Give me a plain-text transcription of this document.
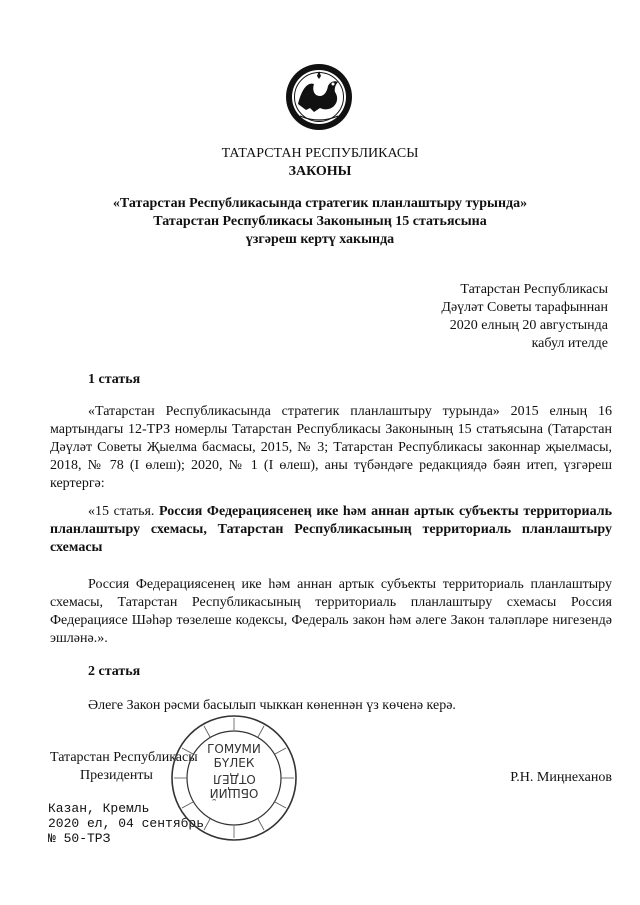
ТАТАРСТАН РЕСПУБЛИКАСЫ
ЗАКОНЫ
«Татарстан Республикасында стратегик планлаштыру турында»
Татарстан Республикасы Законының 15 статьясына
үзгәреш кертү хакында
Татарстан Республикасы
Дәүләт Советы тарафыннан
2020 елның 20 августында
кабул ителде
1 статья

«Татарстан Республикасында стратегик планлаштыру турында» 2015 елның 16 мартындагы 12-ТРЗ номерлы Татарстан Республикасы Законының 15 статьясына (Татарстан Дәүләт Советы Җыелма басмасы, 2015, № 3; Татарстан Республикасы законнар җыелмасы, 2018, № 78 (I өлеш); 2020, № 1 (I өлеш), аны түбәндәге редакциядә бәян итеп, үзгәреш кертергә:

«15 статья. Россия Федерациясенең ике һәм аннан артык субъекты территориаль планлаштыру схемасы, Татарстан Республикасының территориаль планлаштыру схемасы

Россия Федерациясенең ике һәм аннан артык субъекты территориаль планлаштыру схемасы, Татарстан Республикасының территориаль планлаштыру схемасы Россия Федерациясе Шәһәр төзелеше кодексы, Федераль закон һәм әлеге Закон таләпләре нигезендә эшләнә.».

2 статья

Әлеге Закон рәсми басылып чыккан көненнән үз көченә керә.

Татарстан Республикасы
Президенты	Р.Н. Миңнеханов
Казан, Кремль
2020 ел, 04 сентябрь
№ 50-ТРЗ
ГОМУМИ
БҮЛЕК
ОТДЕЛ
ОБЩИЙ
